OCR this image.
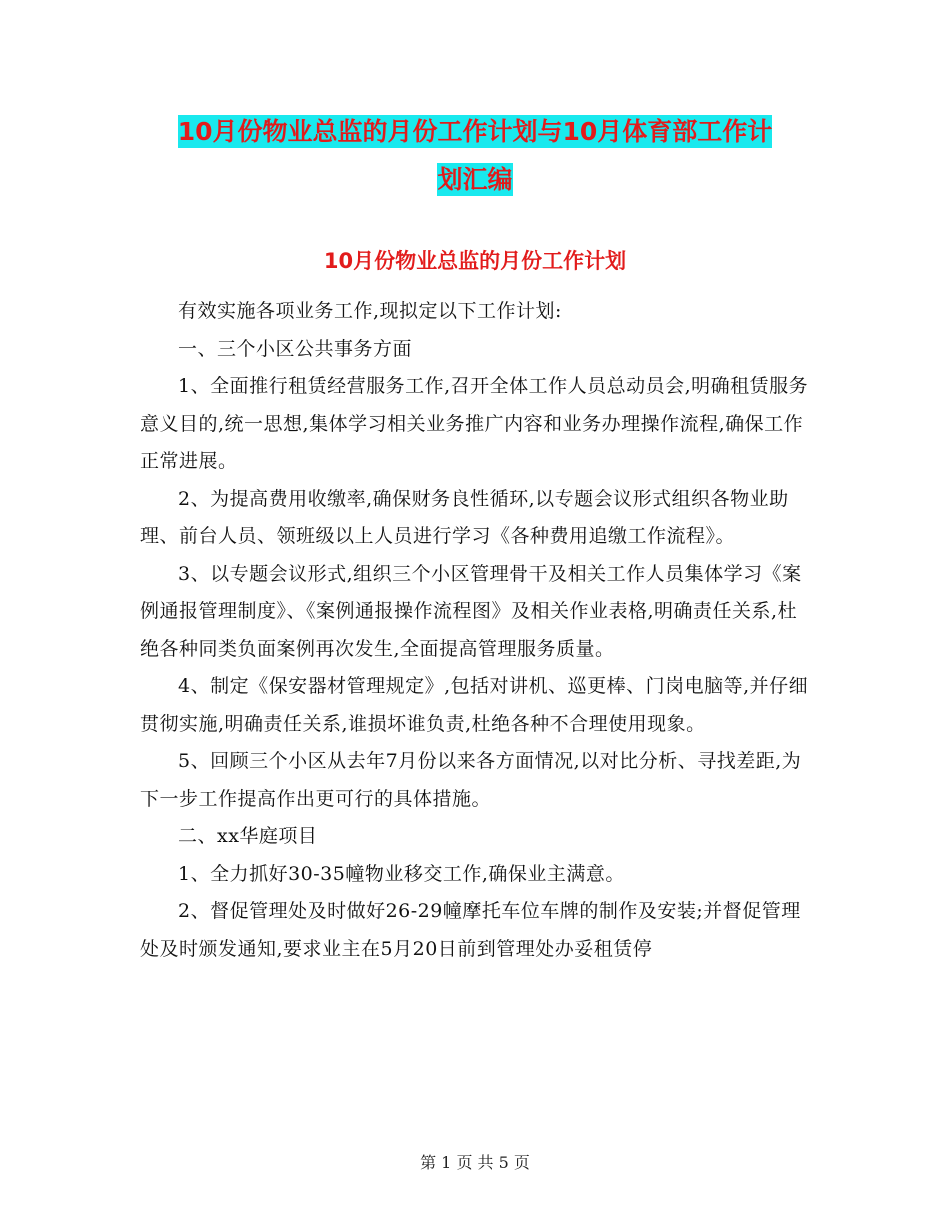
10月份物业总监的月份工作计划与10月体育部工作计
划汇编
10月份物业总监的月份工作计划

有效实施各项业务工作,现拟定以下工作计划:

一、三个小区公共事务方面

1、全面推行租赁经营服务工作,召开全体工作人员总动员会,明确租赁服务意义目的,统一思想,集体学习相关业务推广内容和业务办理操作流程,确保工作正常进展。

2、为提高费用收缴率,确保财务良性循环,以专题会议形式组织各物业助理、前台人员、领班级以上人员进行学习《各种费用追缴工作流程》。

3、以专题会议形式,组织三个小区管理骨干及相关工作人员集体学习《案例通报管理制度》、《案例通报操作流程图》及相关作业表格,明确责任关系,杜绝各种同类负面案例再次发生,全面提高管理服务质量。

4、制定《保安器材管理规定》,包括对讲机、巡更棒、门岗电脑等,并仔细贯彻实施,明确责任关系,谁损坏谁负责,杜绝各种不合理使用现象。

5、回顾三个小区从去年7月份以来各方面情况,以对比分析、寻找差距,为下一步工作提高作出更可行的具体措施。

二、xx华庭项目

1、全力抓好30-35幢物业移交工作,确保业主满意。

2、督促管理处及时做好26-29幢摩托车位车牌的制作及安装;并督促管理处及时颁发通知,要求业主在5月20日前到管理处办妥租赁停

第 1 页 共 5 页
